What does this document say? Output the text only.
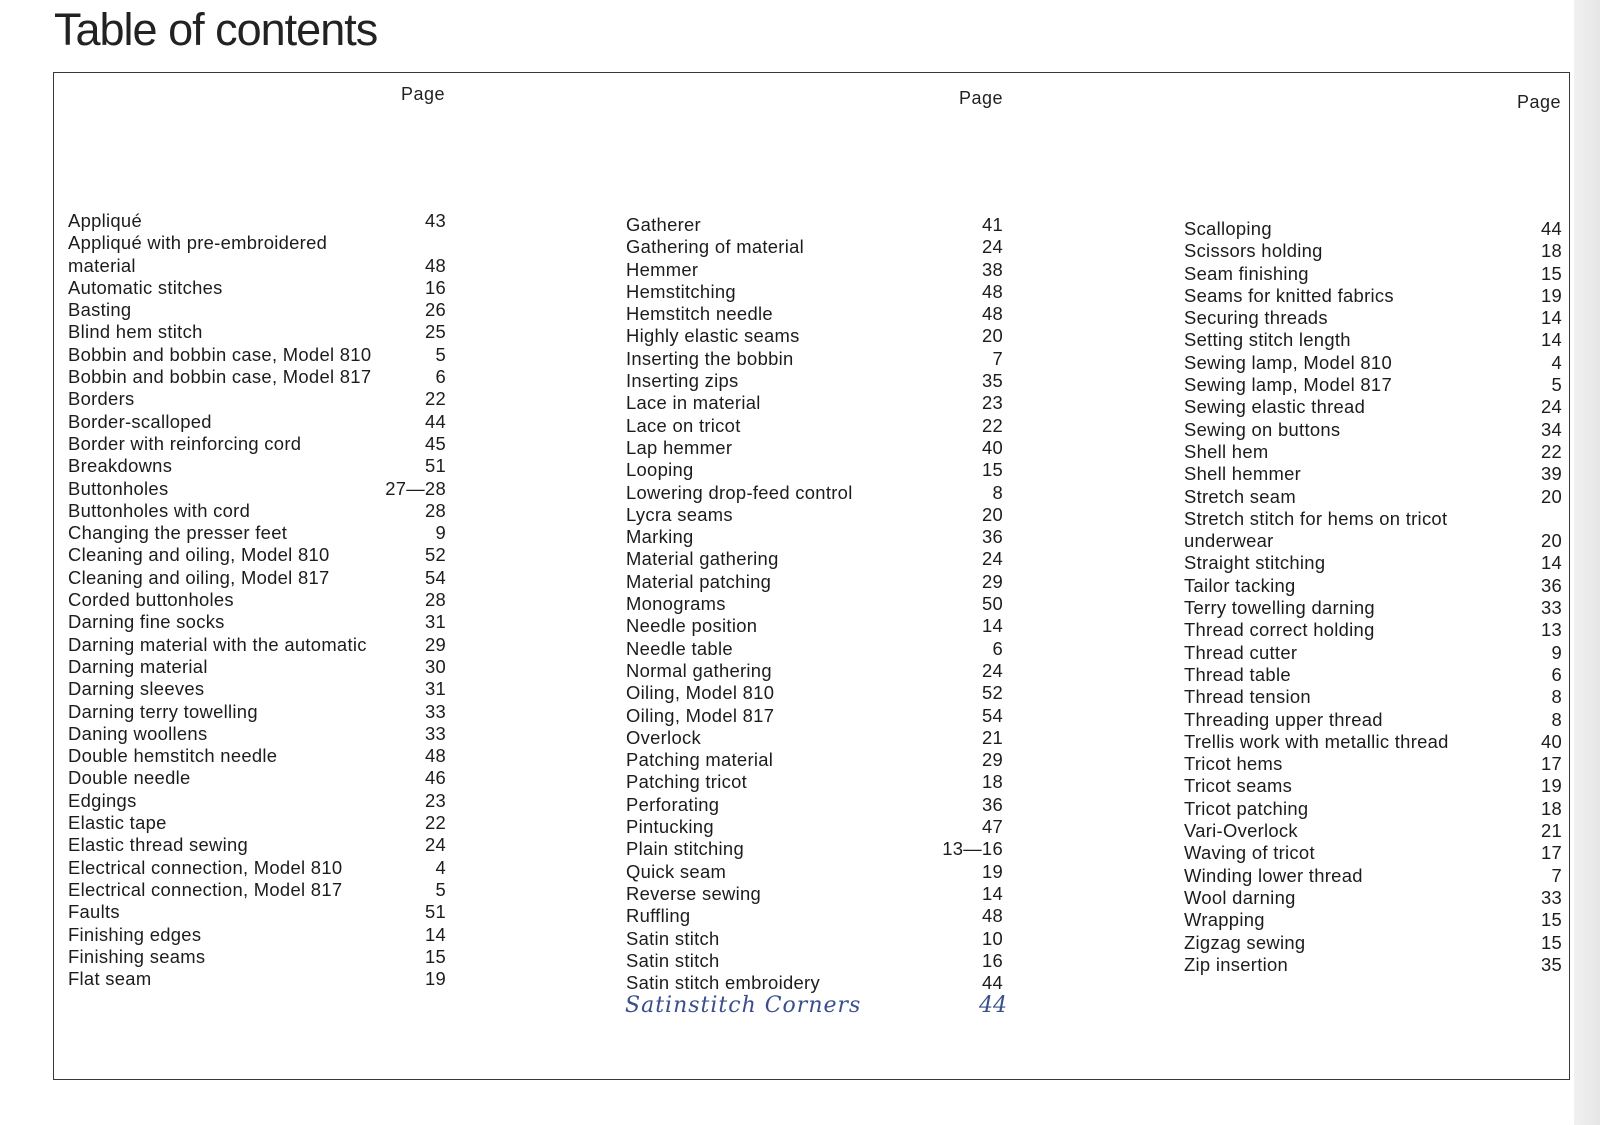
Table of contents
Page
Appliqué	43
Appliqué with pre-embroidered
material	48
Automatic stitches	16
Basting	26
Blind hem stitch	25
Bobbin and bobbin case, Model 810	5
Bobbin and bobbin case, Model 817	6
Borders	22
Border-scalloped	44
Border with reinforcing cord	45
Breakdowns	51
Buttonholes	27—28
Buttonholes with cord	28
Changing the presser feet	9
Cleaning and oiling, Model 810	52
Cleaning and oiling, Model 817	54
Corded buttonholes	28
Darning fine socks	31
Darning material with the automatic	29
Darning material	30
Darning sleeves	31
Darning terry towelling	33
Daning woollens	33
Double hemstitch needle	48
Double needle	46
Edgings	23
Elastic tape	22
Elastic thread sewing	24
Electrical connection, Model 810	4
Electrical connection, Model 817	5
Faults	51
Finishing edges	14
Finishing seams	15
Flat seam	19
Page
Gatherer	41
Gathering of material	24
Hemmer	38
Hemstitching	48
Hemstitch needle	48
Highly elastic seams	20
Inserting the bobbin	7
Inserting zips	35
Lace in material	23
Lace on tricot	22
Lap hemmer	40
Looping	15
Lowering drop-feed control	8
Lycra seams	20
Marking	36
Material gathering	24
Material patching	29
Monograms	50
Needle position	14
Needle table	6
Normal gathering	24
Oiling, Model 810	52
Oiling, Model 817	54
Overlock	21
Patching material	29
Patching tricot	18
Perforating	36
Pintucking	47
Plain stitching	13—16
Quick seam	19
Reverse sewing	14
Ruffling	48
Satin stitch	10
Satin stitch	16
Satin stitch embroidery	44
Page
Scalloping	44
Scissors holding	18
Seam finishing	15
Seams for knitted fabrics	19
Securing threads	14
Setting stitch length	14
Sewing lamp, Model 810	4
Sewing lamp, Model 817	5
Sewing elastic thread	24
Sewing on buttons	34
Shell hem	22
Shell hemmer	39
Stretch seam	20
Stretch stitch for hems on tricot
underwear	20
Straight stitching	14
Tailor tacking	36
Terry towelling darning	33
Thread correct holding	13
Thread cutter	9
Thread table	6
Thread tension	8
Threading upper thread	8
Trellis work with metallic thread	40
Tricot hems	17
Tricot seams	19
Tricot patching	18
Vari-Overlock	21
Waving of tricot	17
Winding lower thread	7
Wool darning	33
Wrapping	15
Zigzag sewing	15
Zip insertion	35
Satinstitch Corners	44
